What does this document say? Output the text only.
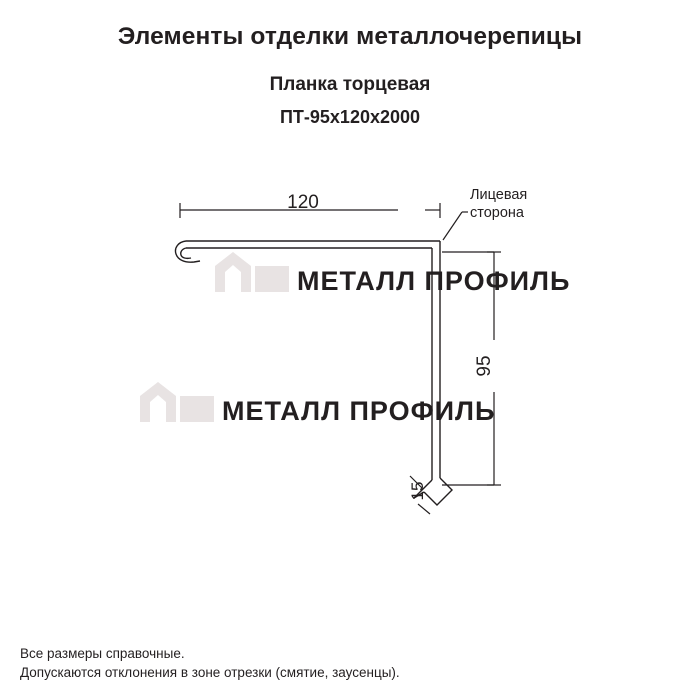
МЕТАЛЛ ПРОФИЛЬ
МЕТАЛЛ ПРОФИЛЬ
Элементы отделки металлочерепицы
Планка торцевая
ПТ-95х120х2000
120
95
15
Лицевая
сторона
Все размеры справочные.
Допускаются отклонения в зоне отрезки (смятие, заусенцы).
